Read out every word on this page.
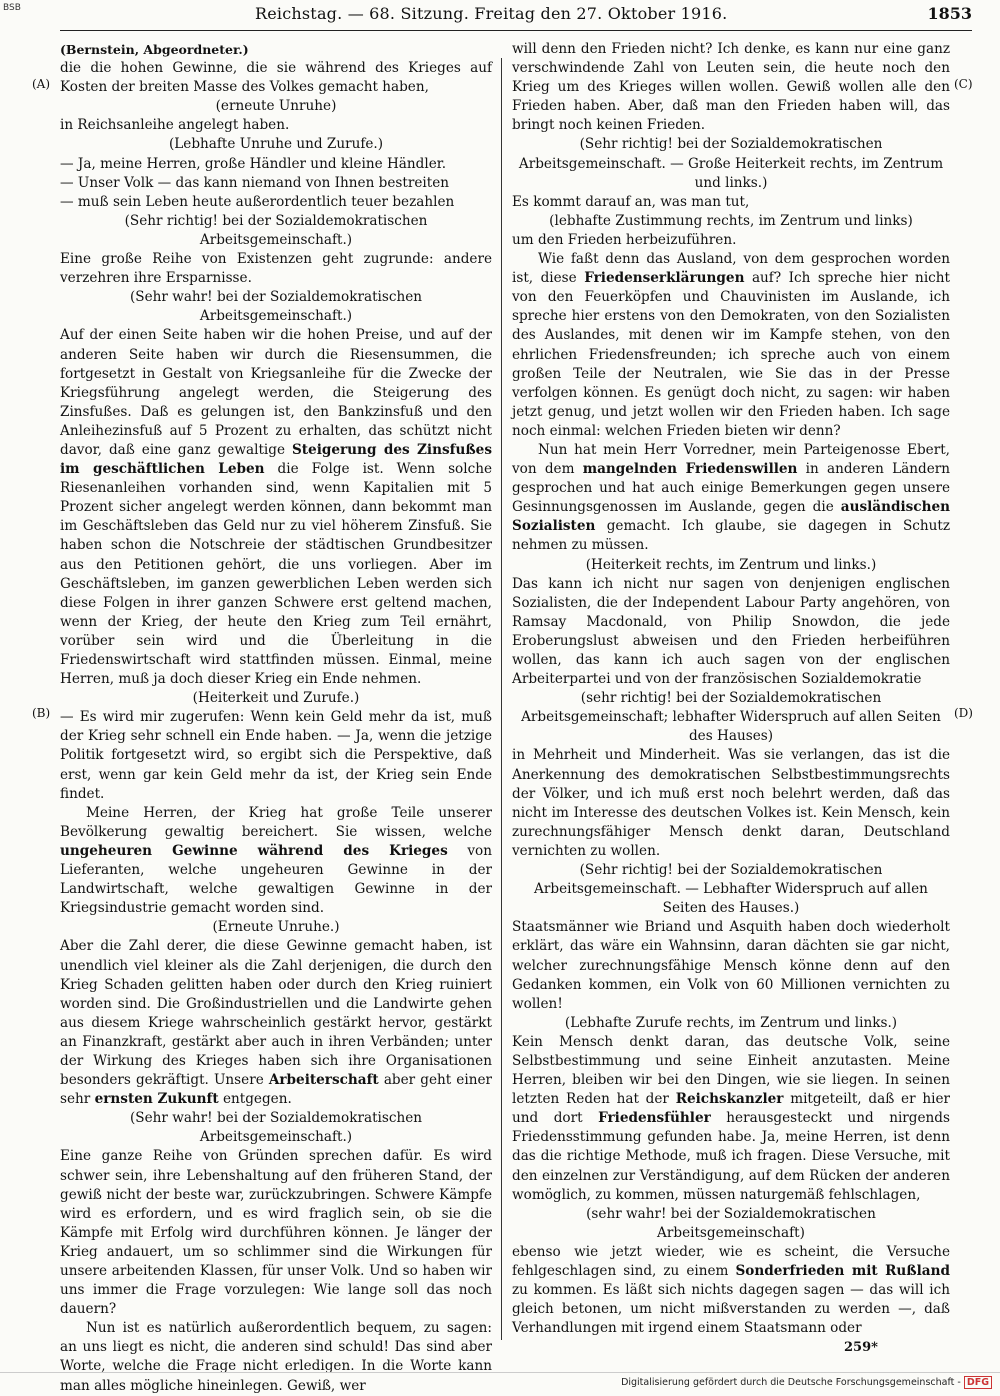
BSB	Reichstag. — 68. Sitzung. Freitag den 27. Oktober 1916.	1853
(A)
(B)
(C)
(D)

(Bernstein, Abgeordneter.)

die die hohen Gewinne, die sie während des Krieges auf Kosten der breiten Masse des Volkes gemacht haben,

(erneute Unruhe)

in Reichsanleihe angelegt haben.

(Lebhafte Unruhe und Zurufe.)

— Ja, meine Herren, große Händler und kleine Händler.

— Unser Volk — das kann niemand von Ihnen bestreiten

— muß sein Leben heute außerordentlich teuer bezahlen

(Sehr richtig! bei der Sozialdemokratischen Arbeitsgemeinschaft.)

Eine große Reihe von Existenzen geht zugrunde: andere verzehren ihre Ersparnisse.

(Sehr wahr! bei der Sozialdemokratischen Arbeitsgemeinschaft.)

Auf der einen Seite haben wir die hohen Preise, und auf der anderen Seite haben wir durch die Riesensummen, die fortgesetzt in Gestalt von Kriegsanleihe für die Zwecke der Kriegsführung angelegt werden, die Steigerung des Zinsfußes. Daß es gelungen ist, den Bankzinsfuß und den Anleihezinsfuß auf 5 Prozent zu erhalten, das schützt nicht davor, daß eine ganz gewaltige Steigerung des Zinsfußes im geschäftlichen Leben die Folge ist. Wenn solche Riesenanleihen vorhanden sind, wenn Kapitalien mit 5 Prozent sicher angelegt werden können, dann bekommt man im Geschäftsleben das Geld nur zu viel höherem Zinsfuß. Sie haben schon die Notschreie der städtischen Grundbesitzer aus den Petitionen gehört, die uns vorliegen. Aber im Geschäftsleben, im ganzen gewerblichen Leben werden sich diese Folgen in ihrer ganzen Schwere erst geltend machen, wenn der Krieg, der heute den Krieg zum Teil ernährt, vorüber sein wird und die Überleitung in die Friedenswirtschaft wird stattfinden müssen. Einmal, meine Herren, muß ja doch dieser Krieg ein Ende nehmen.

(Heiterkeit und Zurufe.)

— Es wird mir zugerufen: Wenn kein Geld mehr da ist, muß der Krieg sehr schnell ein Ende haben. — Ja, wenn die jetzige Politik fortgesetzt wird, so ergibt sich die Perspektive, daß erst, wenn gar kein Geld mehr da ist, der Krieg sein Ende findet.

Meine Herren, der Krieg hat große Teile unserer Bevölkerung gewaltig bereichert. Sie wissen, welche ungeheuren Gewinne während des Krieges von Lieferanten, welche ungeheuren Gewinne in der Landwirtschaft, welche gewaltigen Gewinne in der Kriegsindustrie gemacht worden sind.

(Erneute Unruhe.)

Aber die Zahl derer, die diese Gewinne gemacht haben, ist unendlich viel kleiner als die Zahl derjenigen, die durch den Krieg Schaden gelitten haben oder durch den Krieg ruiniert worden sind. Die Großindustriellen und die Landwirte gehen aus diesem Kriege wahrscheinlich gestärkt hervor, gestärkt an Finanzkraft, gestärkt aber auch in ihren Verbänden; unter der Wirkung des Krieges haben sich ihre Organisationen besonders gekräftigt. Unsere Arbeiterschaft aber geht einer sehr ernsten Zukunft entgegen.

(Sehr wahr! bei der Sozialdemokratischen Arbeitsgemeinschaft.)

Eine ganze Reihe von Gründen sprechen dafür. Es wird schwer sein, ihre Lebenshaltung auf den früheren Stand, der gewiß nicht der beste war, zurückzubringen. Schwere Kämpfe wird es erfordern, und es wird fraglich sein, ob sie die Kämpfe mit Erfolg wird durchführen können. Je länger der Krieg andauert, um so schlimmer sind die Wirkungen für unsere arbeitenden Klassen, für unser Volk. Und so haben wir uns immer die Frage vorzulegen: Wie lange soll das noch dauern?

Nun ist es natürlich außerordentlich bequem, zu sagen: an uns liegt es nicht, die anderen sind schuld! Das sind aber Worte, welche die Frage nicht erledigen. In die Worte kann man alles mögliche hineinlegen. Gewiß, wer

will denn den Frieden nicht? Ich denke, es kann nur eine ganz verschwindende Zahl von Leuten sein, die heute noch den Krieg um des Krieges willen wollen. Gewiß wollen alle den Frieden haben. Aber, daß man den Frieden haben will, das bringt noch keinen Frieden.

(Sehr richtig! bei der Sozialdemokratischen Arbeitsgemeinschaft. — Große Heiterkeit rechts, im Zentrum und links.)

Es kommt darauf an, was man tut,

(lebhafte Zustimmung rechts, im Zentrum und links)

um den Frieden herbeizuführen.

Wie faßt denn das Ausland, von dem gesprochen worden ist, diese Friedenserklärungen auf? Ich spreche hier nicht von den Feuerköpfen und Chauvinisten im Auslande, ich spreche hier erstens von den Demokraten, von den Sozialisten des Auslandes, mit denen wir im Kampfe stehen, von den ehrlichen Friedensfreunden; ich spreche auch von einem großen Teile der Neutralen, wie Sie das in der Presse verfolgen können. Es genügt doch nicht, zu sagen: wir haben jetzt genug, und jetzt wollen wir den Frieden haben. Ich sage noch einmal: welchen Frieden bieten wir denn?

Nun hat mein Herr Vorredner, mein Parteigenosse Ebert, von dem mangelnden Friedenswillen in anderen Ländern gesprochen und hat auch einige Bemerkungen gegen unsere Gesinnungsgenossen im Auslande, gegen die ausländischen Sozialisten gemacht. Ich glaube, sie dagegen in Schutz nehmen zu müssen.

(Heiterkeit rechts, im Zentrum und links.)

Das kann ich nicht nur sagen von denjenigen englischen Sozialisten, die der Independent Labour Party angehören, von Ramsay Macdonald, von Philip Snowdon, die jede Eroberungslust abweisen und den Frieden herbeiführen wollen, das kann ich auch sagen von der englischen Arbeiterpartei und von der französischen Sozialdemokratie

(sehr richtig! bei der Sozialdemokratischen Arbeitsgemeinschaft; lebhafter Widerspruch auf allen Seiten des Hauses)

in Mehrheit und Minderheit. Was sie verlangen, das ist die Anerkennung des demokratischen Selbstbestimmungsrechts der Völker, und ich muß erst noch belehrt werden, daß das nicht im Interesse des deutschen Volkes ist. Kein Mensch, kein zurechnungsfähiger Mensch denkt daran, Deutschland vernichten zu wollen.

(Sehr richtig! bei der Sozialdemokratischen Arbeitsgemeinschaft. — Lebhafter Widerspruch auf allen Seiten des Hauses.)

Staatsmänner wie Briand und Asquith haben doch wiederholt erklärt, das wäre ein Wahnsinn, daran dächten sie gar nicht, welcher zurechnungsfähige Mensch könne denn auf den Gedanken kommen, ein Volk von 60 Millionen vernichten zu wollen!

(Lebhafte Zurufe rechts, im Zentrum und links.)

Kein Mensch denkt daran, das deutsche Volk, seine Selbstbestimmung und seine Einheit anzutasten. Meine Herren, bleiben wir bei den Dingen, wie sie liegen. In seinen letzten Reden hat der Reichskanzler mitgeteilt, daß er hier und dort Friedensfühler herausgesteckt und nirgends Friedensstimmung gefunden habe. Ja, meine Herren, ist denn das die richtige Methode, muß ich fragen. Diese Versuche, mit den einzelnen zur Verständigung, auf dem Rücken der anderen womöglich, zu kommen, müssen naturgemäß fehlschlagen,

(sehr wahr! bei der Sozialdemokratischen Arbeitsgemeinschaft)

ebenso wie jetzt wieder, wie es scheint, die Versuche fehlgeschlagen sind, zu einem Sonderfrieden mit Rußland zu kommen. Es läßt sich nichts dagegen sagen — das will ich gleich betonen, um nicht mißverstanden zu werden —, daß Verhandlungen mit irgend einem Staatsmann oder

259*
Digitalisierung gefördert durch die Deutsche Forschungsgemeinschaft - DFG
